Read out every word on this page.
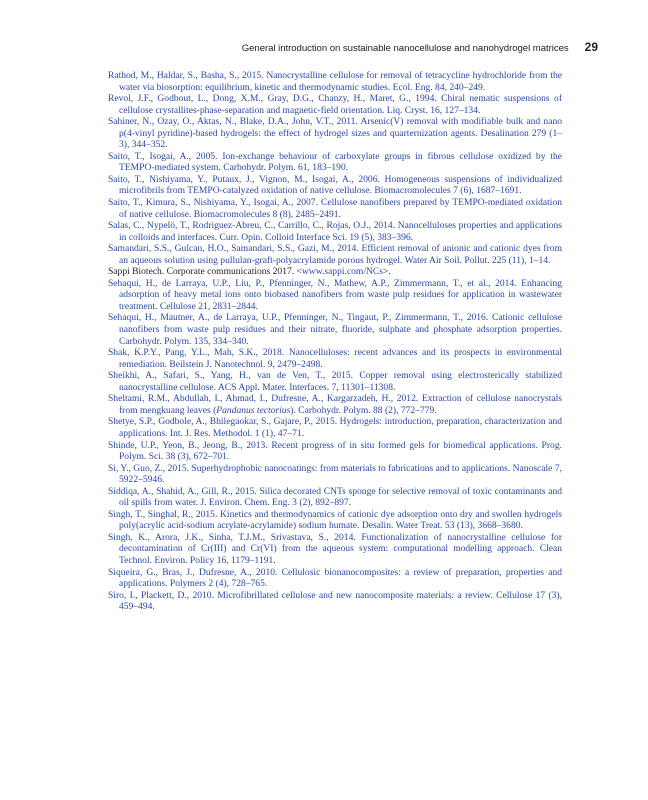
General introduction on sustainable nanocellulose and nanohydrogel matrices 29

Rathod, M., Haldar, S., Basha, S., 2015. Nanocrystalline cellulose for removal of tetracycline hydrochloride from the water via biosorption: equilibrium, kinetic and thermodynamic studies. Ecol. Eng. 84, 240–249.

Revol, J.F., Godbout, L., Dong, X.M., Gray, D.G., Chanzy, H., Maret, G., 1994. Chiral nematic suspensions of cellulose crystallites-phase-separation and magnetic-field orientation. Liq. Cryst. 16, 127–134.

Sahiner, N., Ozay, O., Aktas, N., Blake, D.A., John, V.T., 2011. Arsenic(V) removal with modifiable bulk and nano p(4-vinyl pyridine)-based hydrogels: the effect of hydrogel sizes and quarternization agents. Desalination 279 (1–3), 344–352.

Saito, T., Isogai, A., 2005. Ion-exchange behaviour of carboxylate groups in fibrous cellulose oxidized by the TEMPO-mediated system. Carbohydr. Polym. 61, 183–190.

Saito, T., Nishiyama, Y., Putaux, J., Vignon, M., Isogai, A., 2006. Homogeneous suspensions of individualized microfibrils from TEMPO-catalyzed oxidation of native cellulose. Biomacromolecules 7 (6), 1687–1691.

Saito, T., Kimura, S., Nishiyama, Y., Isogai, A., 2007. Cellulose nanofibers prepared by TEMPO-mediated oxidation of native cellulose. Biomacromolecules 8 (8), 2485–2491.

Salas, C., Nypelö, T., Rodriguez-Abreu, C., Carrillo, C., Rojas, O.J., 2014. Nanocelluloses properties and applications in colloids and interfaces. Curr. Opin. Colloid Interface Sci. 19 (5), 383–396.

Samandari, S.S., Gulcan, H.O., Samandari, S.S., Gazi, M., 2014. Efficient removal of anionic and cationic dyes from an aqueous solution using pullulan-graft-polyacrylamide porous hydrogel. Water Air Soil. Pollut. 225 (11), 1–14.

Sappi Biotech. Corporate communications 2017. <www.sappi.com/NCs>.

Sehaqui, H., de Larraya, U.P., Liu, P., Pfenninger, N., Mathew, A.P., Zimmermann, T., et al., 2014. Enhancing adsorption of heavy metal ions onto biobased nanofibers from waste pulp residues for application in wastewater treatment. Cellulose 21, 2831–2844.

Sehaqui, H., Mautner, A., de Larraya, U.P., Pfenninger, N., Tingaut, P., Zimmermann, T., 2016. Cationic cellulose nanofibers from waste pulp residues and their nitrate, fluoride, sulphate and phosphate adsorption properties. Carbohydr. Polym. 135, 334–340.

Shak, K.P.Y., Pang, Y.L., Mah, S.K., 2018. Nanocelluloses: recent advances and its prospects in environmental remediation. Beilstein J. Nanotechnol. 9, 2479–2498.

Sheikhi, A., Safari, S., Yang, H., van de Ven, T., 2015. Copper removal using electrosterically stabilized nanocrystalline cellulose. ACS Appl. Mater. Interfaces. 7, 11301–11308.

Sheltami, R.M., Abdullah, I., Ahmad, I., Dufresne, A., Kargarzadeh, H., 2012. Extraction of cellulose nanocrystals from mengkuang leaves (Pandanus tectorius). Carbohydr. Polym. 88 (2), 772–779.

Shetye, S.P., Godbole, A., Bhilegaokar, S., Gajare, P., 2015. Hydrogels: introduction, preparation, characterization and applications. Int. J. Res. Methodol. 1 (1), 47–71.

Shinde, U.P., Yeon, B., Jeong, B., 2013. Recent progress of in situ formed gels for biomedical applications. Prog. Polym. Sci. 38 (3), 672–701.

Si, Y., Guo, Z., 2015. Superhydrophobic nanocoatings: from materials to fabrications and to applications. Nanoscale 7, 5922–5946.

Siddiqa, A., Shahid, A., Gill, R., 2015. Silica decorated CNTs sponge for selective removal of toxic contaminants and oil spills from water. J. Environ. Chem. Eng. 3 (2), 892–897.

Singh, T., Singhal, R., 2015. Kinetics and thermodynamics of cationic dye adsorption onto dry and swollen hydrogels poly(acrylic acid-sodium acrylate-acrylamide) sodium humate. Desalin. Water Treat. 53 (13), 3668–3680.

Singh, K., Arora, J.K., Sinha, T.J.M., Srivastava, S., 2014. Functionalization of nanocrystalline cellulose for decontamination of Cr(III) and Cr(VI) from the aqueous system: computational modelling approach. Clean Technol. Environ. Policy 16, 1179–1191.

Siqueira, G., Bras, J., Dufresne, A., 2010. Cellulosic bionanocomposites: a review of preparation, properties and applications. Polymers 2 (4), 728–765.

Siro, I., Plackett, D., 2010. Microfibrillated cellulose and new nanocomposite materials: a review. Cellulose 17 (3), 459–494.
